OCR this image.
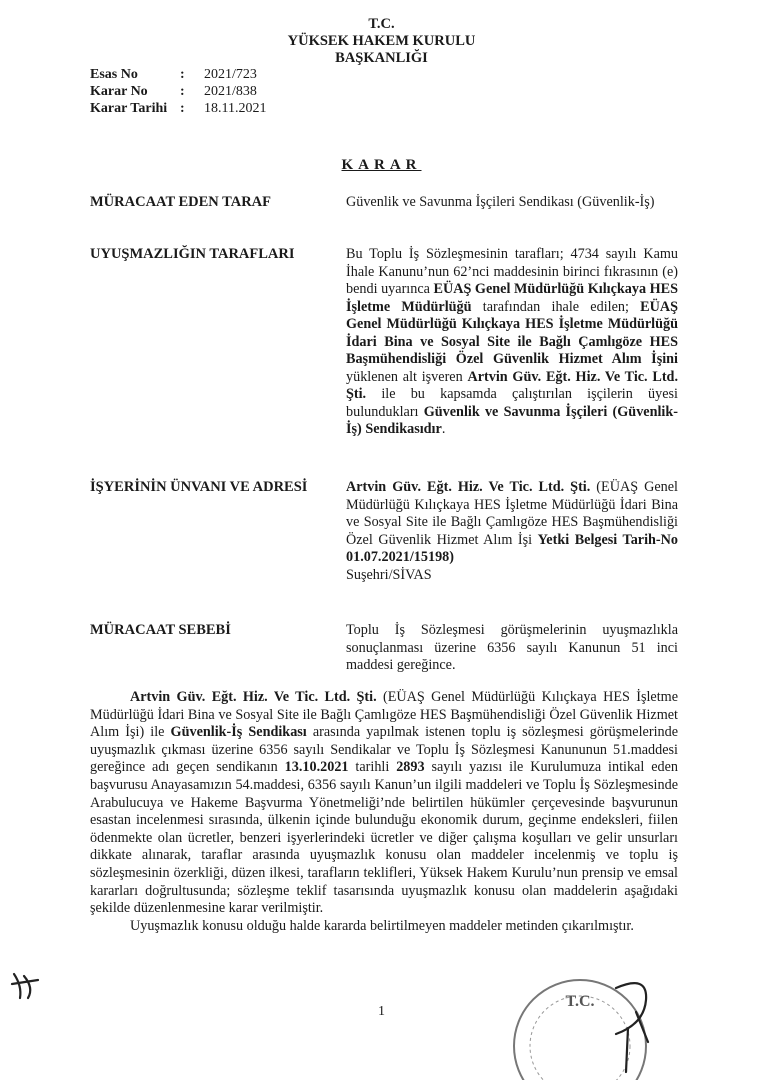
T.C.
YÜKSEK HAKEM KURULU
BAŞKANLIĞI
Esas No	:	2021/723
Karar No	:	2021/838
Karar Tarihi :	18.11.2021
KARAR
MÜRACAAT EDEN TARAF	Güvenlik ve Savunma İşçileri Sendikası (Güvenlik-İş)
UYUŞMAZLIĞIN TARAFLARI	Bu Toplu İş Sözleşmesinin tarafları; 4734 sayılı Kamu İhale Kanunu’nun 62’nci maddesinin birinci fıkrasının (e) bendi uyarınca EÜAŞ Genel Müdürlüğü Kılıçkaya HES İşletme Müdürlüğü tarafından ihale edilen; EÜAŞ Genel Müdürlüğü Kılıçkaya HES İşletme Müdürlüğü İdari Bina ve Sosyal Site ile Bağlı Çamlıgöze HES Başmühendisliği Özel Güvenlik Hizmet Alım İşini yüklenen alt işveren Artvin Güv. Eğt. Hiz. Ve Tic. Ltd. Şti. ile bu kapsamda çalıştırılan işçilerin üyesi bulundukları Güvenlik ve Savunma İşçileri (Güvenlik-İş) Sendikasıdır.
İŞYERİNİN ÜNVANI VE ADRESİ	Artvin Güv. Eğt. Hiz. Ve Tic. Ltd. Şti. (EÜAŞ Genel Müdürlüğü Kılıçkaya HES İşletme Müdürlüğü İdari Bina ve Sosyal Site ile Bağlı Çamlıgöze HES Başmühendisliği Özel Güvenlik Hizmet Alım İşi Yetki Belgesi Tarih-No 01.07.2021/15198)
Suşehri/SİVAS
MÜRACAAT SEBEBİ	Toplu İş Sözleşmesi görüşmelerinin uyuşmazlıkla sonuçlanması üzerine 6356 sayılı Kanunun 51 inci maddesi gereğince.

Artvin Güv. Eğt. Hiz. Ve Tic. Ltd. Şti. (EÜAŞ Genel Müdürlüğü Kılıçkaya HES İşletme Müdürlüğü İdari Bina ve Sosyal Site ile Bağlı Çamlıgöze HES Başmühendisliği Özel Güvenlik Hizmet Alım İşi) ile Güvenlik-İş Sendikası arasında yapılmak istenen toplu iş sözleşmesi görüşmelerinde uyuşmazlık çıkması üzerine 6356 sayılı Sendikalar ve Toplu İş Sözleşmesi Kanununun 51.maddesi gereğince adı geçen sendikanın 13.10.2021 tarihli 2893 sayılı yazısı ile Kurulumuza intikal eden başvurusu Anayasamızın 54.maddesi, 6356 sayılı Kanun’un ilgili maddeleri ve Toplu İş Sözleşmesinde Arabulucuya ve Hakeme Başvurma Yönetmeliği’nde belirtilen hükümler çerçevesinde başvurunun esastan incelenmesi sırasında, ülkenin içinde bulunduğu ekonomik durum, geçinme endeksleri, fiilen ödenmekte olan ücretler, benzeri işyerlerindeki ücretler ve diğer çalışma koşulları ve gelir unsurları dikkate alınarak, taraflar arasında uyuşmazlık konusu olan maddeler incelenmiş ve toplu iş sözleşmesinin özerkliği, düzen ilkesi, tarafların teklifleri, Yüksek Hakem Kurulu’nun prensip ve emsal kararları doğrultusunda; sözleşme teklif tasarısında uyuşmazlık konusu olan maddelerin aşağıdaki şekilde düzenlenmesine karar verilmiştir.

Uyuşmazlık konusu olduğu halde kararda belirtilmeyen maddeler metinden çıkarılmıştır.

1
T.C.
